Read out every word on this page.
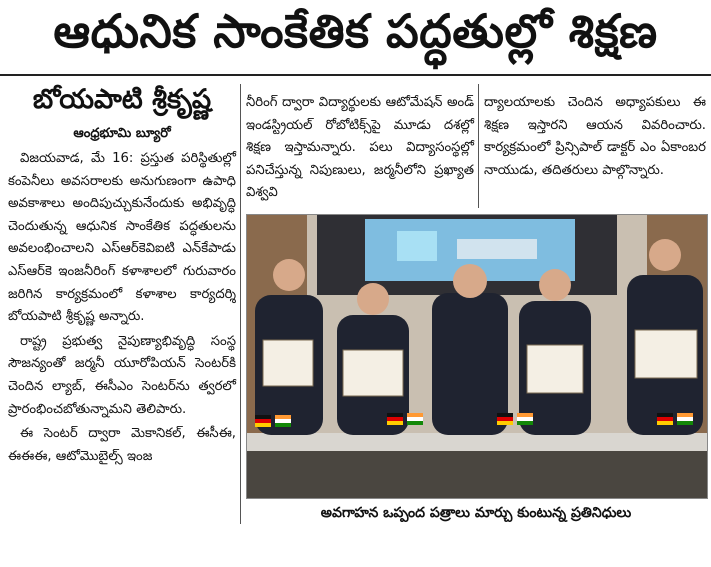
ఆధునిక సాంకేతిక పద్ధతుల్లో శిక్షణ
బోయపాటి శ్రీకృష్ణ
ఆంధ్రభూమి బ్యూరో

విజయవాడ, మే 16: ప్రస్తుత పరిస్థితుల్లో కంపెనీలు అవసరాలకు అనుగుణంగా ఉపాధి అవకాశాలు అందిపుచ్చుకునేందుకు అభివృద్ధి చెందుతున్న ఆధునిక సాంకేతిక పద్ధతులను అవలంభించాలని ఎస్ఆర్‌కెవిఐటి ఎన్‌కేపాడు ఎస్ఆర్‌కె ఇంజనీరింగ్ కళాశాలలో గురువారం జరిగిన కార్యక్రమంలో కళాశాల కార్యదర్శి బోయపాటి శ్రీకృష్ణ అన్నారు.

రాష్ట్ర ప్రభుత్వ నైపుణ్యాభివృద్ధి సంస్థ సౌజన్యంతో జర్మనీ యూరోపియన్ సెంటర్‌కి చెందిన ల్యాబ్, ఈసీఎం సెంటర్‌ను త్వరలో ప్రారంభించబోతున్నామని తెలిపారు.

ఈ సెంటర్ ద్వారా మెకానికల్, ఈసీఈ, ఈఈఈ, ఆటోమొబైల్స్ ఇంజ

నీరింగ్ ద్వారా విద్యార్థులకు ఆటోమేషన్ అండ్ ఇండస్ట్రియల్ రోబోటిక్స్‌పై మూడు దశల్లో శిక్షణ ఇస్తామన్నారు. పలు విద్యాసంస్థల్లో పనిచేస్తున్న నిపుణులు, జర్మనీలోని ప్రఖ్యాత విశ్వవి

ద్యాలయాలకు చెందిన అధ్యాపకులు ఈ శిక్షణ ఇస్తారని ఆయన వివరించారు. కార్యక్రమంలో ప్రిన్సిపాల్ డాక్టర్ ఎం ఏకాంబర నాయుడు, తదితరులు పాల్గొన్నారు.

అవగాహన ఒప్పంద పత్రాలు మార్చు కుంటున్న ప్రతినిధులు
